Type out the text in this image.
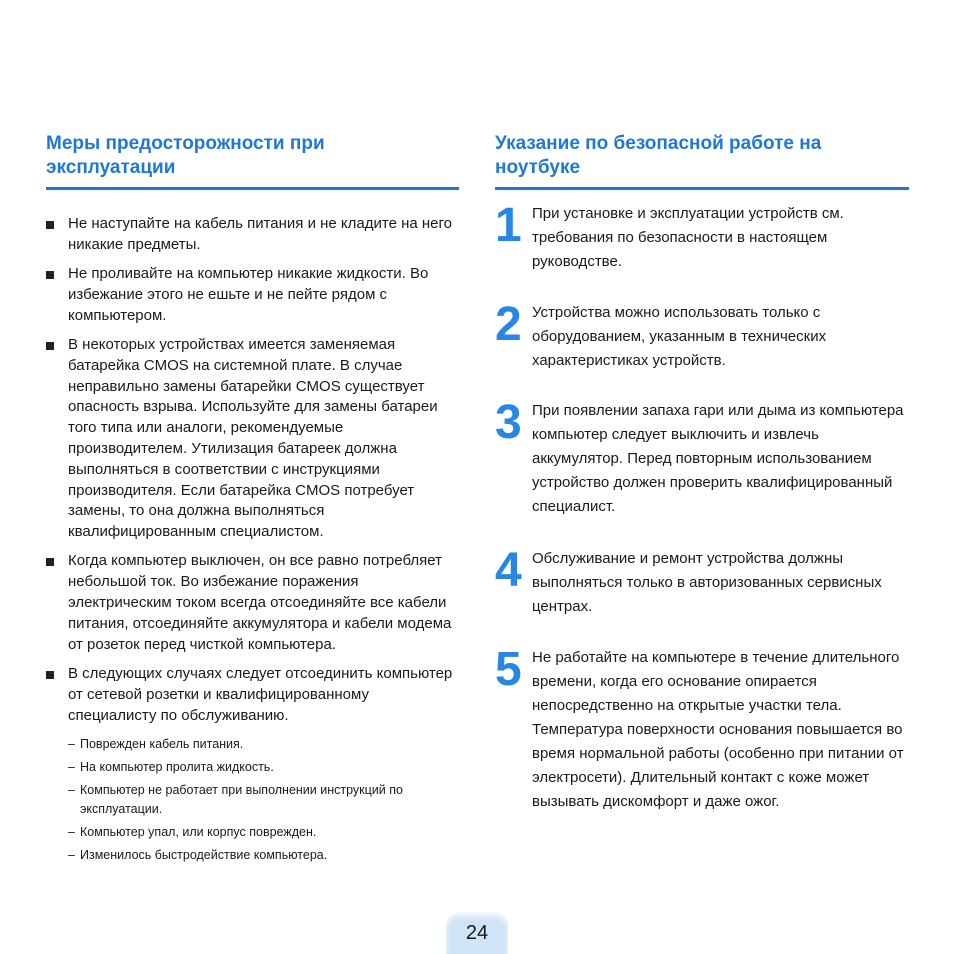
Меры предосторожности при эксплуатации
Не наступайте на кабель питания и не кладите на него никакие предметы.
Не проливайте на компьютер никакие жидкости. Во избежание этого не ешьте и не пейте рядом с компьютером.
В некоторых устройствах имеется заменяемая батарейка CMOS на системной плате. В случае неправильно замены батарейки CMOS существует опасность взрыва. Используйте для замены батареи того типа или аналоги, рекомендуемые производителем. Утилизация батареек должна выполняться в соответствии с инструкциями производителя. Если батарейка CMOS потребует замены, то она должна выполняться квалифицированным специалистом.
Когда компьютер выключен, он все равно потребляет небольшой ток. Во избежание поражения электрическим током всегда отсоединяйте все кабели питания, отсоединяйте аккумулятора и кабели модема от розеток перед чисткой компьютера.
В следующих случаях следует отсоединить компьютер от сетевой розетки и квалифицированному специалисту по обслуживанию.
– Поврежден кабель питания.
– На компьютер пролита жидкость.
– Компьютер не работает при выполнении инструкций по эксплуатации.
– Компьютер упал, или корпус поврежден.
– Изменилось быстродействие компьютера.
Указание по безопасной работе на ноутбуке
1 При установке и эксплуатации устройств см. требования по безопасности в настоящем руководстве.
2 Устройства можно использовать только с оборудованием, указанным в технических характеристиках устройств.
3 При появлении запаха гари или дыма из компьютера компьютер следует выключить и извлечь аккумулятор. Перед повторным использованием устройство должен проверить квалифицированный специалист.
4 Обслуживание и ремонт устройства должны выполняться только в авторизованных сервисных центрах.
5 Не работайте на компьютере в течение длительного времени, когда его основание опирается непосредственно на открытые участки тела. Температура поверхности основания повышается во время нормальной работы (особенно при питании от электросети). Длительный контакт с коже может вызывать дискомфорт и даже ожог.
24
